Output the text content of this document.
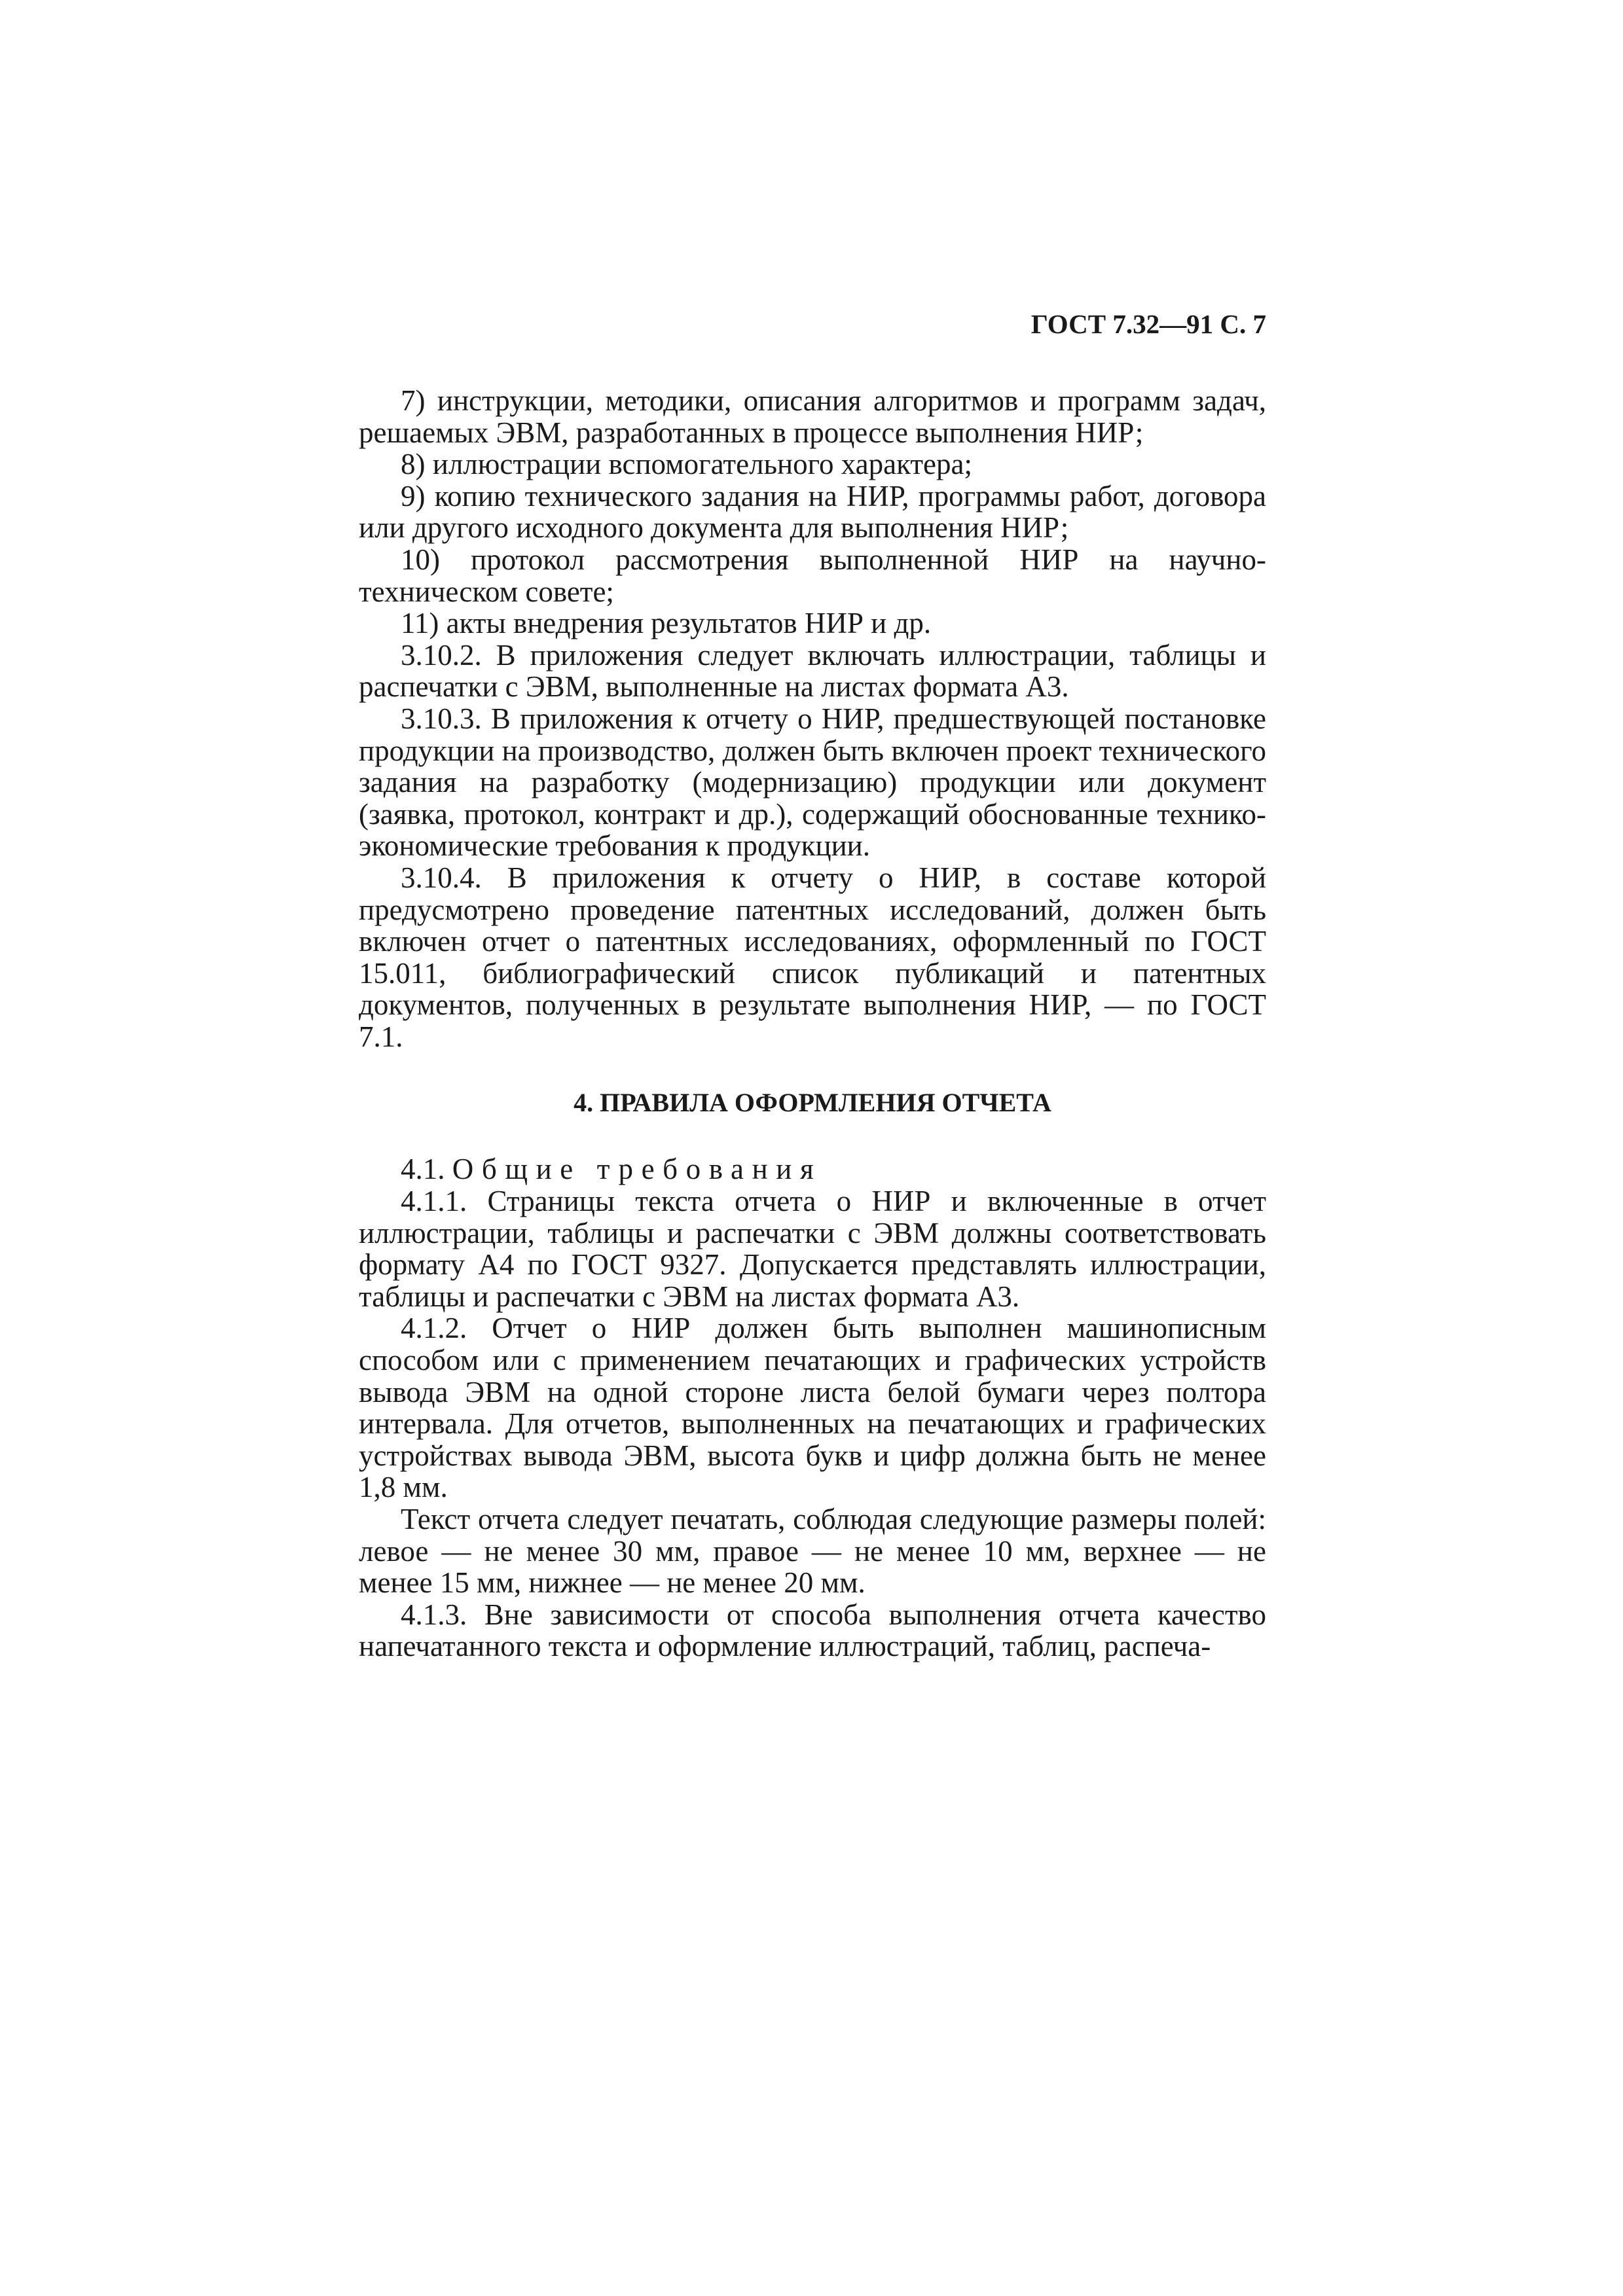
ГОСТ 7.32—91 С. 7

7) инструкции, методики, описания алгоритмов и программ задач, решаемых ЭВМ, разработанных в процессе выполнения НИР;

8) иллюстрации вспомогательного характера;

9) копию технического задания на НИР, программы работ, договора или другого исходного документа для выполнения НИР;

10) протокол рассмотрения выполненной НИР на научно-техническом совете;

11) акты внедрения результатов НИР и др.

3.10.2. В приложения следует включать иллюстрации, таблицы и распечатки с ЭВМ, выполненные на листах формата А3.

3.10.3. В приложения к отчету о НИР, предшествующей постановке продукции на производство, должен быть включен проект технического задания на разработку (модернизацию) продукции или документ (заявка, протокол, контракт и др.), содержащий обоснованные технико-экономические требования к продукции.

3.10.4. В приложения к отчету о НИР, в составе которой предусмотрено проведение патентных исследований, должен быть включен отчет о патентных исследованиях, оформленный по ГОСТ 15.011, библиографический список публикаций и патентных документов, полученных в результате выполнения НИР, — по ГОСТ 7.1.

4. ПРАВИЛА ОФОРМЛЕНИЯ ОТЧЕТА

4.1. Общие требования

4.1.1. Страницы текста отчета о НИР и включенные в отчет иллюстрации, таблицы и распечатки с ЭВМ должны соответствовать формату А4 по ГОСТ 9327. Допускается представлять иллюстрации, таблицы и распечатки с ЭВМ на листах формата А3.

4.1.2. Отчет о НИР должен быть выполнен машинописным способом или с применением печатающих и графических устройств вывода ЭВМ на одной стороне листа белой бумаги через полтора интервала. Для отчетов, выполненных на печатающих и графических устройствах вывода ЭВМ, высота букв и цифр должна быть не менее 1,8 мм.

Текст отчета следует печатать, соблюдая следующие размеры полей: левое — не менее 30 мм, правое — не менее 10 мм, верхнее — не менее 15 мм, нижнее — не менее 20 мм.

4.1.3. Вне зависимости от способа выполнения отчета качество напечатанного текста и оформление иллюстраций, таблиц, распеча-
